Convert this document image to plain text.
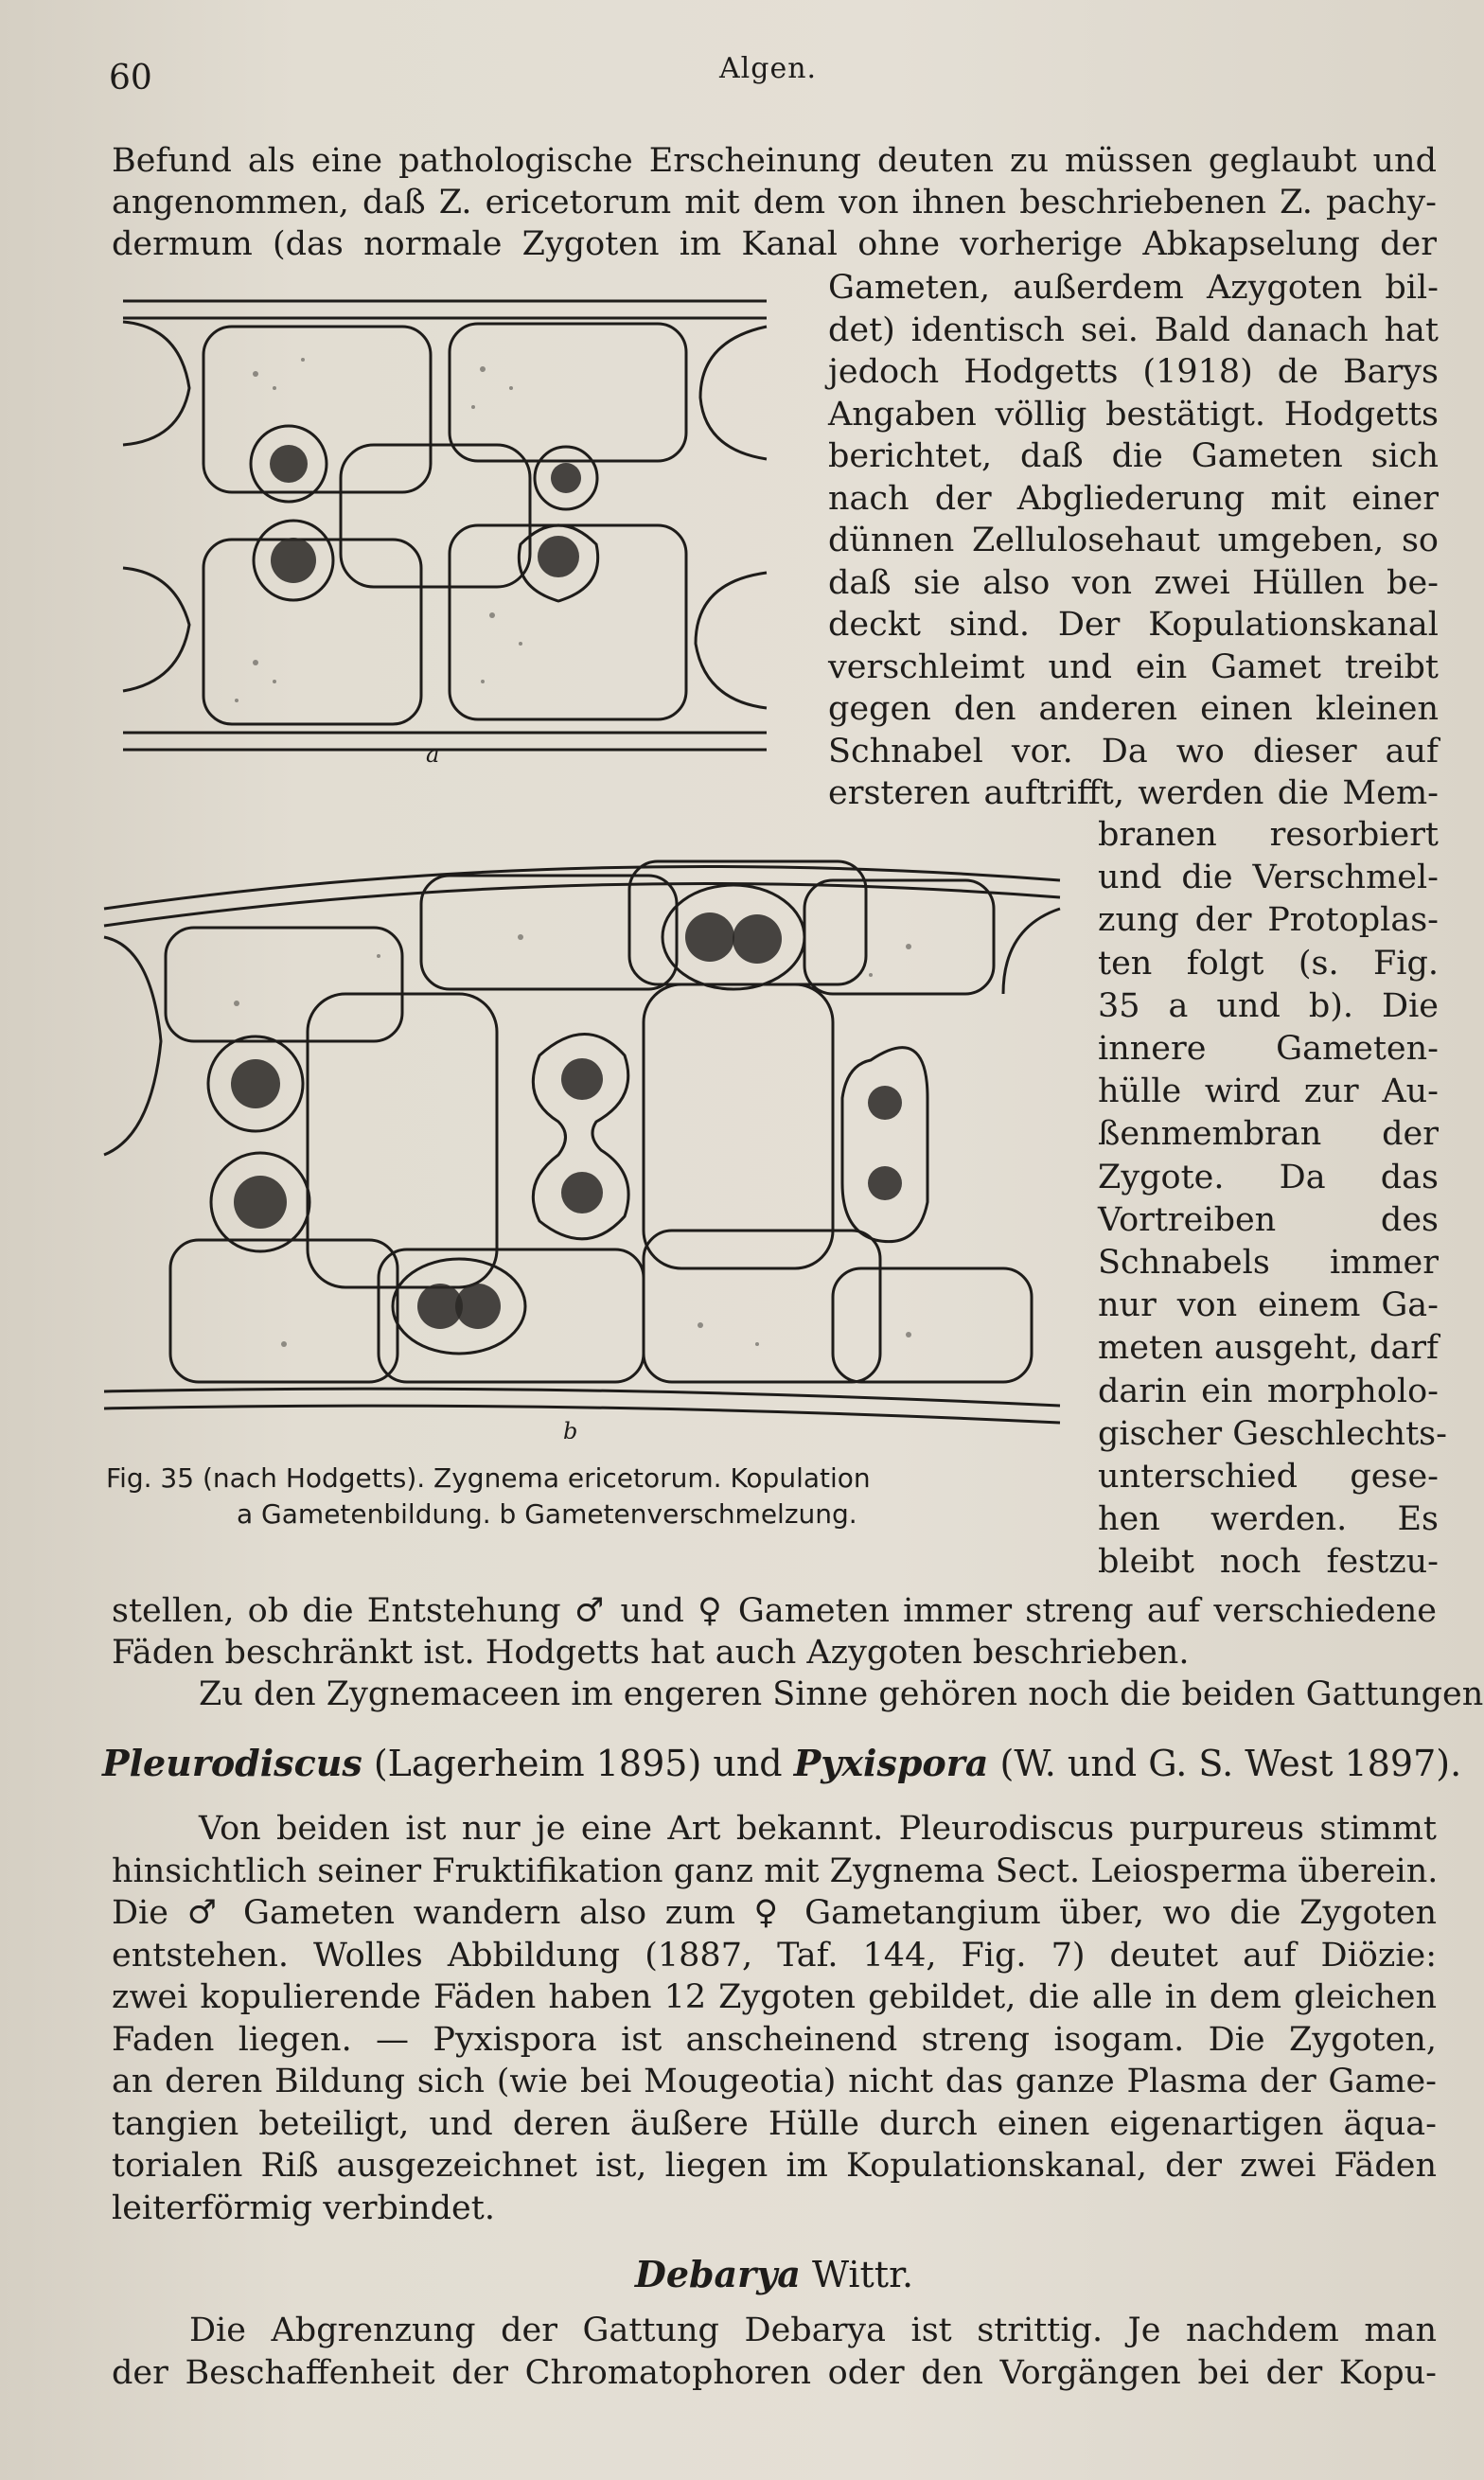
60	Algen.
Befund als eine pathologische Erscheinung deuten zu müssen geglaubt und
angenommen, daß Z. ericetorum mit dem von ihnen beschriebenen Z. pachy-
dermum (das normale Zygoten im Kanal ohne vorherige Abkapselung der
Gameten, außerdem Azygoten bil-
det) identisch sei. Bald danach hat
jedoch Hodgetts (1918) de Barys
Angaben völlig bestätigt. Hodgetts
berichtet, daß die Gameten sich
nach der Abgliederung mit einer
dünnen Zellulosehaut umgeben, so
daß sie also von zwei Hüllen be-
deckt sind. Der Kopulationskanal
verschleimt und ein Gamet treibt
gegen den anderen einen kleinen
Schnabel vor. Da wo dieser auf
ersteren auftrifft, werden die Mem-
branen resorbiert
und die Verschmel-
zung der Protoplas-
ten folgt (s. Fig.
35 a und b). Die
innere Gameten-
hülle wird zur Au-
ßenmembran der
Zygote. Da das
Vortreiben des
Schnabels immer
nur von einem Ga-
meten ausgeht, darf
darin ein morpholo-
gischer Geschlechts-
unterschied gese-
hen werden. Es
bleibt noch festzu-
a
b
Fig. 35 (nach Hodgetts). Zygnema ericetorum. Kopulation
a Gametenbildung. b Gametenverschmelzung.
stellen, ob die Entstehung ♂ und ♀ Gameten immer streng auf verschiedene
Fäden beschränkt ist. Hodgetts hat auch Azygoten beschrieben.
Zu den Zygnemaceen im engeren Sinne gehören noch die beiden Gattungen
Pleurodiscus (Lagerheim 1895) und Pyxispora (W. und G. S. West 1897).
Von beiden ist nur je eine Art bekannt. Pleurodiscus purpureus stimmt
hinsichtlich seiner Fruktifikation ganz mit Zygnema Sect. Leiosperma überein.
Die ♂ Gameten wandern also zum ♀ Gametangium über, wo die Zygoten
entstehen. Wolles Abbildung (1887, Taf. 144, Fig. 7) deutet auf Diözie:
zwei kopulierende Fäden haben 12 Zygoten gebildet, die alle in dem gleichen
Faden liegen. — Pyxispora ist anscheinend streng isogam. Die Zygoten,
an deren Bildung sich (wie bei Mougeotia) nicht das ganze Plasma der Game-
tangien beteiligt, und deren äußere Hülle durch einen eigenartigen äqua-
torialen Riß ausgezeichnet ist, liegen im Kopulationskanal, der zwei Fäden
leiterförmig verbindet.
Debarya Wittr.
Die Abgrenzung der Gattung Debarya ist strittig. Je nachdem man
der Beschaffenheit der Chromatophoren oder den Vorgängen bei der Kopu-
